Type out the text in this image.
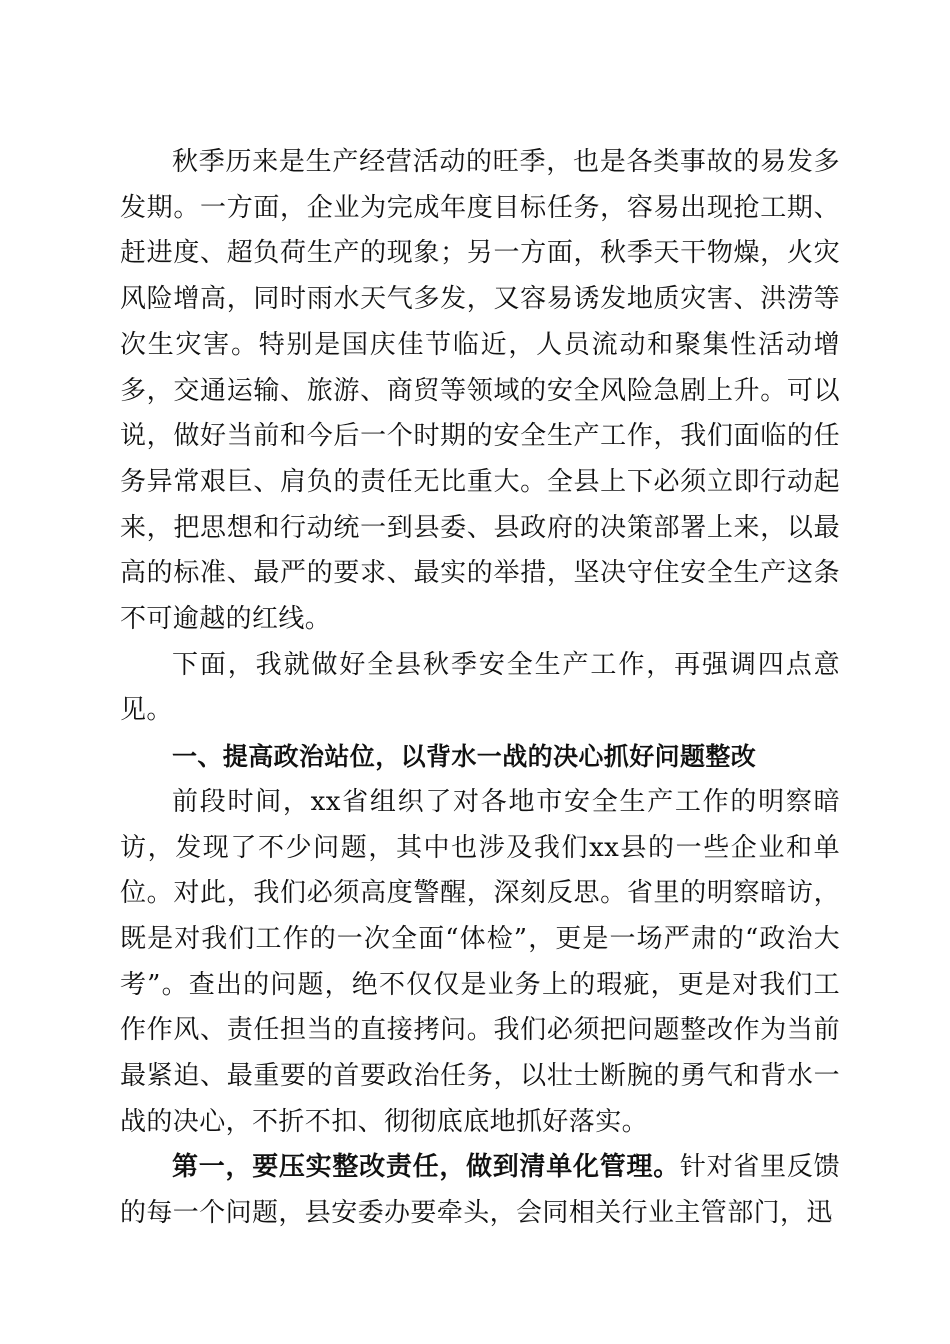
秋季历来是生产经营活动的旺季，也是各类事故的易发多发期。一方面，企业为完成年度目标任务，容易出现抢工期、赶进度、超负荷生产的现象；另一方面，秋季天干物燥，火灾风险增高，同时雨水天气多发，又容易诱发地质灾害、洪涝等次生灾害。特别是国庆佳节临近，人员流动和聚集性活动增多，交通运输、旅游、商贸等领域的安全风险急剧上升。可以说，做好当前和今后一个时期的安全生产工作，我们面临的任务异常艰巨、肩负的责任无比重大。全县上下必须立即行动起来，把思想和行动统一到县委、县政府的决策部署上来，以最高的标准、最严的要求、最实的举措，坚决守住安全生产这条不可逾越的红线。

下面，我就做好全县秋季安全生产工作，再强调四点意见。

一、提高政治站位，以背水一战的决心抓好问题整改

前段时间，xx省组织了对各地市安全生产工作的明察暗访，发现了不少问题，其中也涉及我们xx县的一些企业和单位。对此，我们必须高度警醒，深刻反思。省里的明察暗访，既是对我们工作的一次全面“体检”，更是一场严肃的“政治大考”。查出的问题，绝不仅仅是业务上的瑕疵，更是对我们工作作风、责任担当的直接拷问。我们必须把问题整改作为当前最紧迫、最重要的首要政治任务，以壮士断腕的勇气和背水一战的决心，不折不扣、彻彻底底地抓好落实。

第一，要压实整改责任，做到清单化管理。针对省里反馈的每一个问题，县安委办要牵头，会同相关行业主管部门，迅
